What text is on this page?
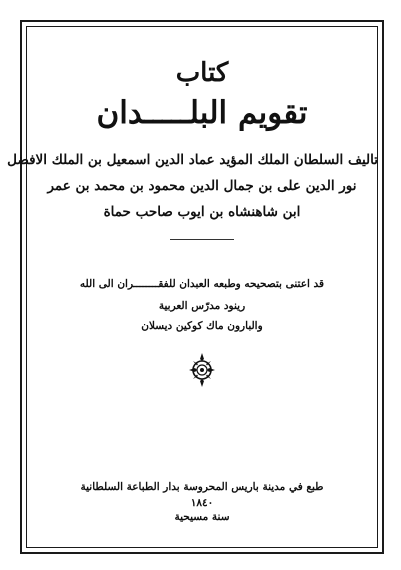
كتاب
تقويم البلـــــدان
تاليف السلطان الملك المؤيد عماد الدين اسمعيل بن الملك الافضل
نور الدين على بن جمال الدين محمود بن محمد بن عمر
ابن شاهنشاه بن ايوب صاحب حماة
قد اعتنى بتصحيحه وطبعه العبدان للفقــــــــران الى الله
رينود مدرّس العربية
والبارون ماك كوكين ديسلان
طبع في مدينة باريس المحروسة بدار الطباعة السلطانية
١٨٤٠
سنة مسيحية
